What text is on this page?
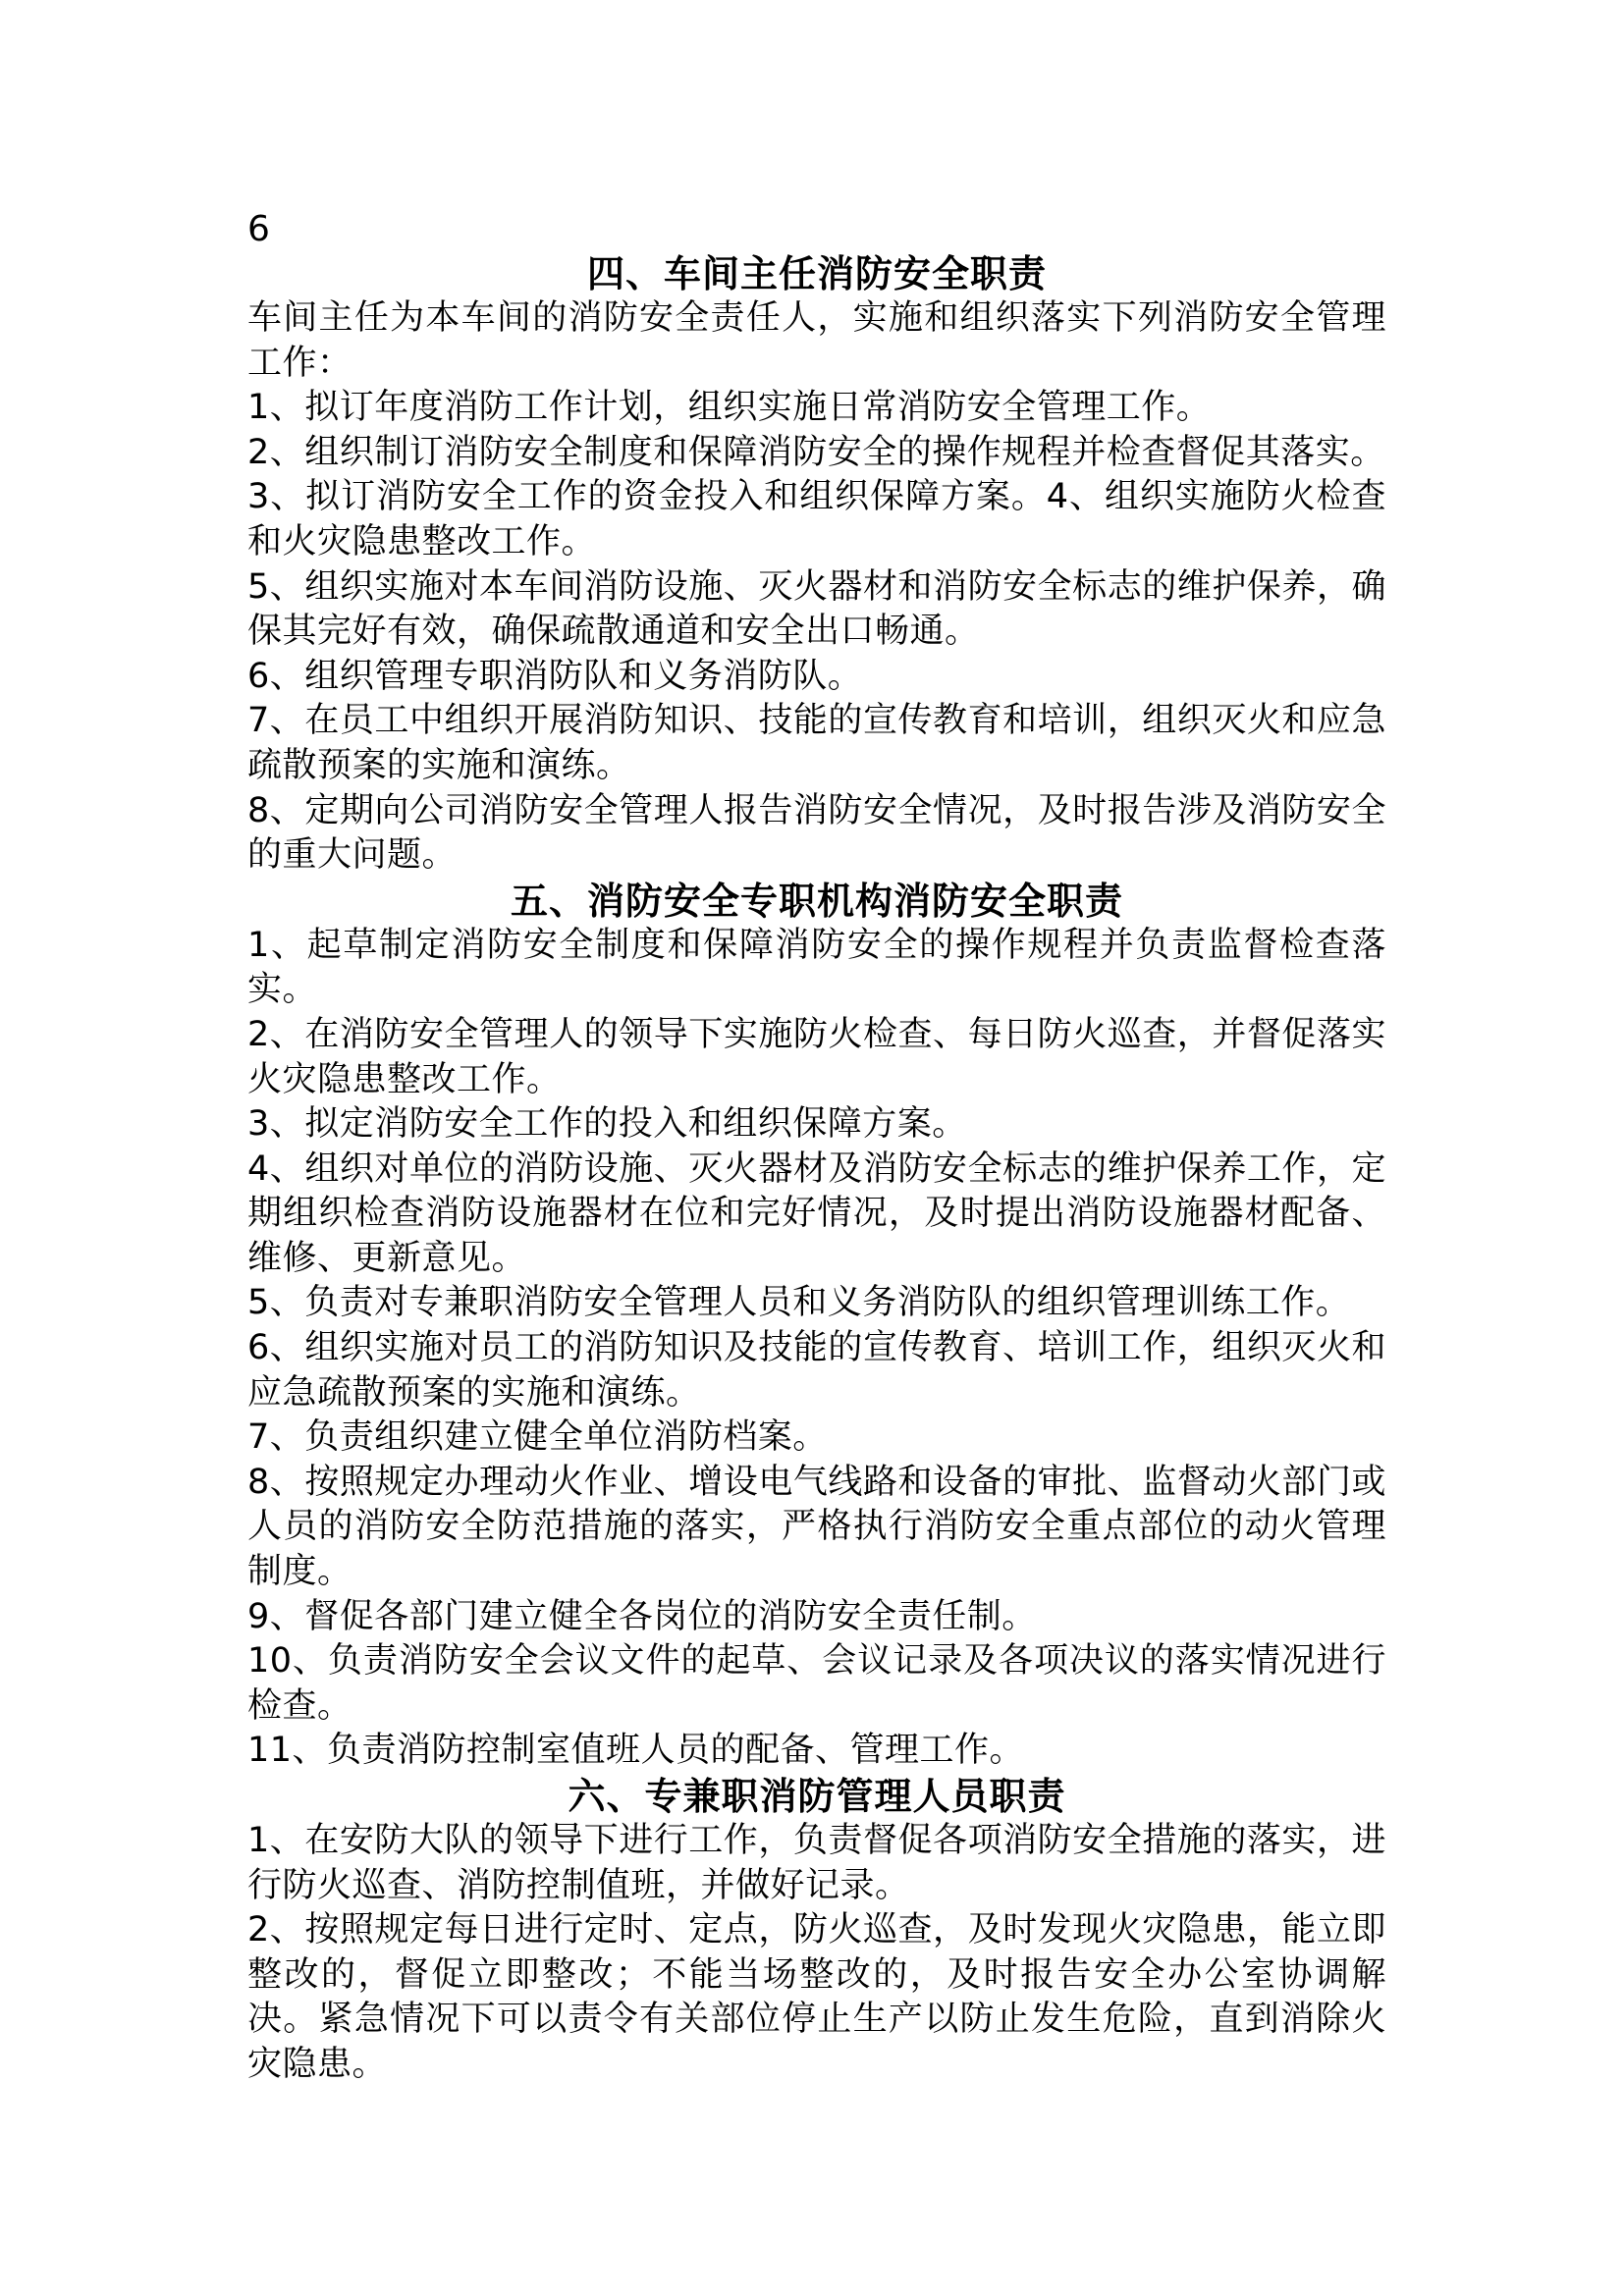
6
四、车间主任消防安全职责

车间主任为本车间的消防安全责任人，实施和组织落实下列消防安全管理工作：

1、拟订年度消防工作计划，组织实施日常消防安全管理工作。

2、组织制订消防安全制度和保障消防安全的操作规程并检查督促其落实。

3、拟订消防安全工作的资金投入和组织保障方案。4、组织实施防火检查和火灾隐患整改工作。

5、组织实施对本车间消防设施、灭火器材和消防安全标志的维护保养，确保其完好有效，确保疏散通道和安全出口畅通。

6、组织管理专职消防队和义务消防队。

7、在员工中组织开展消防知识、技能的宣传教育和培训，组织灭火和应急疏散预案的实施和演练。

8、定期向公司消防安全管理人报告消防安全情况，及时报告涉及消防安全的重大问题。

五、消防安全专职机构消防安全职责

1、起草制定消防安全制度和保障消防安全的操作规程并负责监督检查落实。

2、在消防安全管理人的领导下实施防火检查、每日防火巡查，并督促落实火灾隐患整改工作。

3、拟定消防安全工作的投入和组织保障方案。

4、组织对单位的消防设施、灭火器材及消防安全标志的维护保养工作，定期组织检查消防设施器材在位和完好情况，及时提出消防设施器材配备、维修、更新意见。

5、负责对专兼职消防安全管理人员和义务消防队的组织管理训练工作。

6、组织实施对员工的消防知识及技能的宣传教育、培训工作，组织灭火和应急疏散预案的实施和演练。

7、负责组织建立健全单位消防档案。

8、按照规定办理动火作业、增设电气线路和设备的审批、监督动火部门或人员的消防安全防范措施的落实，严格执行消防安全重点部位的动火管理制度。

9、督促各部门建立健全各岗位的消防安全责任制。

10、负责消防安全会议文件的起草、会议记录及各项决议的落实情况进行检查。

11、负责消防控制室值班人员的配备、管理工作。

六、专兼职消防管理人员职责

1、在安防大队的领导下进行工作，负责督促各项消防安全措施的落实，进行防火巡查、消防控制值班，并做好记录。

2、按照规定每日进行定时、定点，防火巡查，及时发现火灾隐患，能立即整改的，督促立即整改；不能当场整改的，及时报告安全办公室协调解决。紧急情况下可以责令有关部位停止生产以防止发生危险，直到消除火灾隐患。
